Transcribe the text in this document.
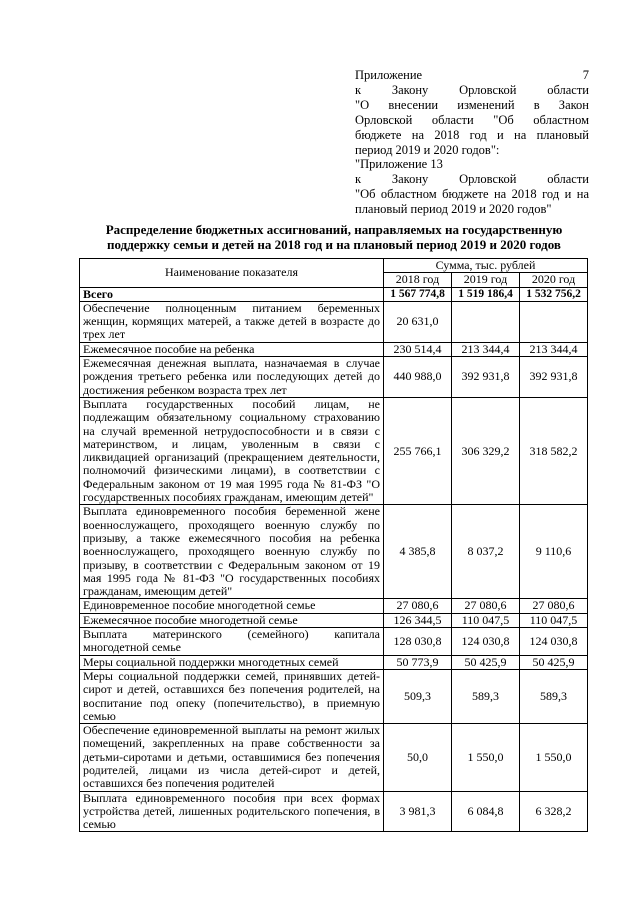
Приложение 7
к Закону Орловской области
"О внесении изменений в Закон
Орловской области "Об областном
бюджете на 2018 год и на плановый
период 2019 и 2020 годов":
"Приложение 13
к Закону Орловской области
"Об областном бюджете на 2018 год и на
плановый период 2019 и 2020 годов"
Распределение бюджетных ассигнований, направляемых на государственную поддержку семьи и детей на 2018 год и на плановый период 2019 и 2020 годов
Наименование показателя	Сумма, тыс. рублей		
	2018 год	2019 год	2020 год
Всего	1 567 774,8	1 519 186,4	1 532 756,2
Обеспечение полноценным питанием беременных женщин, кормящих матерей, а также детей в возрасте до трех лет	20 631,0		
Ежемесячное пособие на ребенка	230 514,4	213 344,4	213 344,4
Ежемесячная денежная выплата, назначаемая в случае рождения третьего ребенка или последующих детей до достижения ребенком возраста трех лет	440 988,0	392 931,8	392 931,8
Выплата государственных пособий лицам, не подлежащим обязательному социальному страхованию на случай временной нетрудоспособности и в связи с материнством, и лицам, уволенным в связи с ликвидацией организаций (прекращением деятельности, полномочий физическими лицами), в соответствии с Федеральным законом от 19 мая 1995 года № 81-ФЗ "О государственных пособиях гражданам, имеющим детей"	255 766,1	306 329,2	318 582,2
Выплата единовременного пособия беременной жене военнослужащего, проходящего военную службу по призыву, а также ежемесячного пособия на ребенка военнослужащего, проходящего военную службу по призыву, в соответствии с Федеральным законом от 19 мая 1995 года № 81-ФЗ "О государственных пособиях гражданам, имеющим детей"	4 385,8	8 037,2	9 110,6
Единовременное пособие многодетной семье	27 080,6	27 080,6	27 080,6
Ежемесячное пособие многодетной семье	126 344,5	110 047,5	110 047,5
Выплата материнского (семейного) капитала многодетной семье	128 030,8	124 030,8	124 030,8
Меры социальной поддержки многодетных семей	50 773,9	50 425,9	50 425,9
Меры социальной поддержки семей, принявших детей-сирот и детей, оставшихся без попечения родителей, на воспитание под опеку (попечительство), в приемную семью	509,3	589,3	589,3
Обеспечение единовременной выплаты на ремонт жилых помещений, закрепленных на праве собственности за детьми-сиротами и детьми, оставшимися без попечения родителей, лицами из числа детей-сирот и детей, оставшихся без попечения родителей	50,0	1 550,0	1 550,0
Выплата единовременного пособия при всех формах устройства детей, лишенных родительского попечения, в семью	3 981,3	6 084,8	6 328,2
